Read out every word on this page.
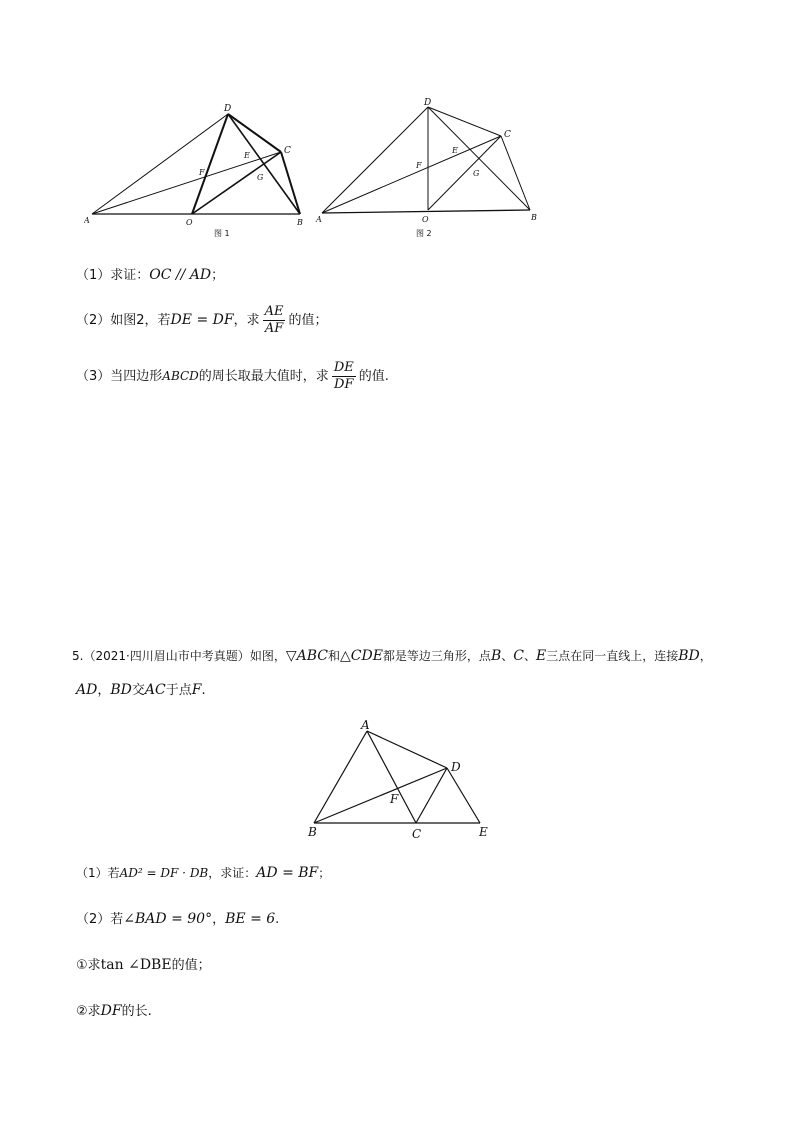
D
C
E
F
G
A	O	B
图 1
D
C
E
F
G
A	O	B
图 2
（1）求证：OC // AD；
（2）如图2，若DE = DF，求 $\frac{AE}{AF}$ 的值；
（3）当四边形ABCD的周长取最大值时，求 $\frac{DE}{DF}$ 的值.
5.（2021·四川眉山市中考真题）如图，▽ABC和△CDE都是等边三角形，点B、C、E三点在同一直线上，连接BD，
AD，BD交AC于点F.
A
D
F
B	C	E
（1）若AD² = DF · DB，求证：AD = BF；
（2）若∠BAD = 90°，BE = 6.
①求tan ∠DBE的值；
②求DF的长.
